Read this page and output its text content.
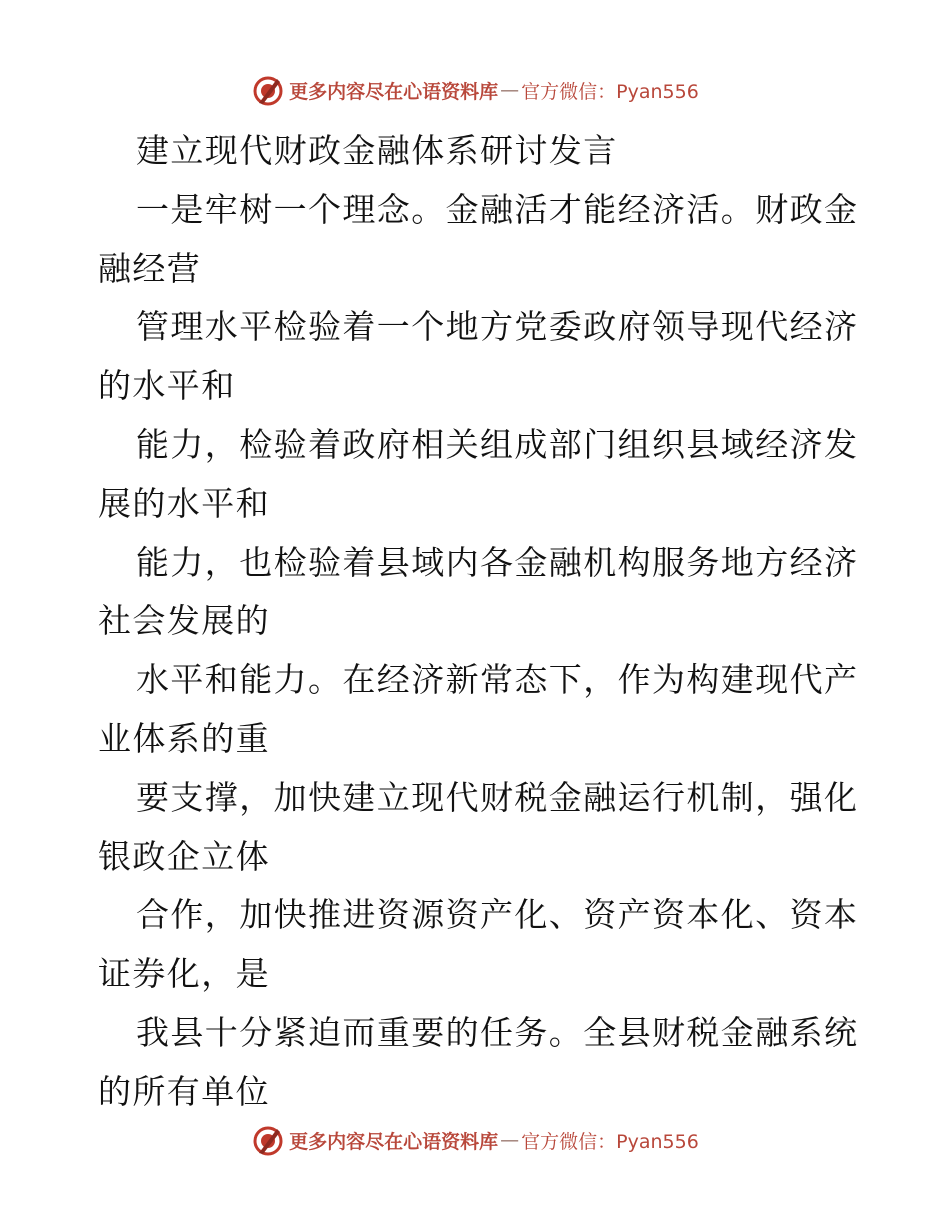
更多内容尽在心语资料库 — 官方微信：Pyan556
建立现代财政金融体系研讨发言
一是牢树一个理念。金融活才能经济活。财政金
融经营
管理水平检验着一个地方党委政府领导现代经济
的水平和
能力，检验着政府相关组成部门组织县域经济发
展的水平和
能力，也检验着县域内各金融机构服务地方经济
社会发展的
水平和能力。在经济新常态下，作为构建现代产
业体系的重
要支撑，加快建立现代财税金融运行机制，强化
银政企立体
合作，加快推进资源资产化、资产资本化、资本
证券化，是
我县十分紧迫而重要的任务。全县财税金融系统
的所有单位
更多内容尽在心语资料库 — 官方微信：Pyan556
